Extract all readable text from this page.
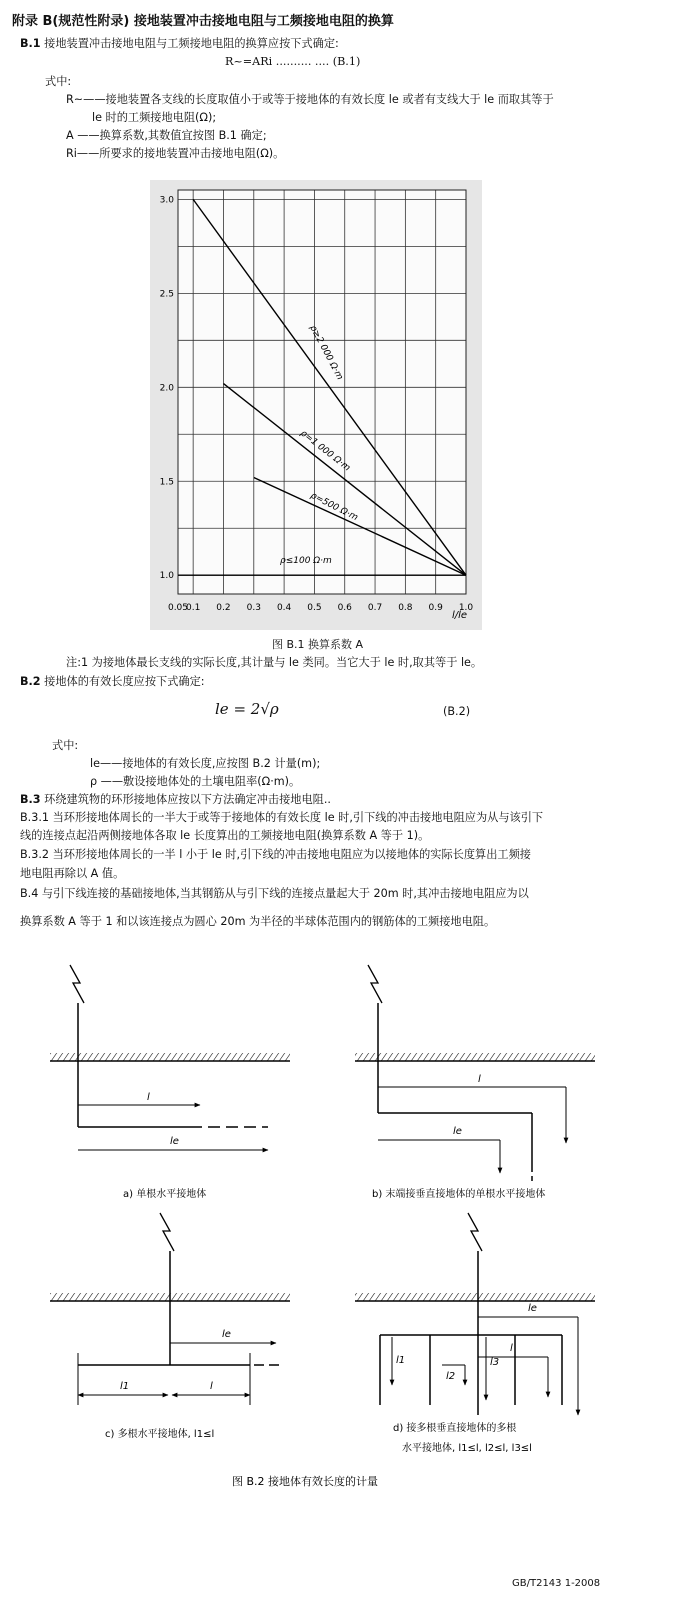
附录 B(规范性附录) 接地装置冲击接地电阻与工频接地电阻的换算
B.1 接地装置冲击接地电阻与工频接地电阻的换算应按下式确定:
R~=ARi .......... .... (B.1)
式中:
R~——接地装置各支线的长度取值小于或等于接地体的有效长度 le 或者有支线大于 le 而取其等于
le 时的工频接地电阻(Ω);
A ——换算系数,其数值宜按图 B.1 确定;
Ri——所要求的接地装置冲击接地电阻(Ω)。
0.05
0.1 0.2 0.3 0.4 0.5 0.6 0.7 0.8 0.9 1.0
1.0
1.5
2.0
2.5
3.0
l/le
ρ≥2 000 Ω·m
ρ=1 000 Ω·m
ρ=500 Ω·m
ρ≤100 Ω·m
图 B.1 换算系数 A
注:1 为接地体最长支线的实际长度,其计量与 le 类同。当它大于 le 时,取其等于 le。
B.2 接地体的有效长度应按下式确定:
le = 2√ρ	(B.2)
式中:
le——接地体的有效长度,应按图 B.2 计量(m);
ρ ——敷设接地体处的土壤电阻率(Ω·m)。
B.3 环绕建筑物的环形接地体应按以下方法确定冲击接地电阻..
B.3.1 当环形接地体周长的一半大于或等于接地体的有效长度 le 时,引下线的冲击接地电阻应为从与该引下
线的连接点起沿两侧接地体各取 le 长度算出的工频接地电阻(换算系数 A 等于 1)。
B.3.2 当环形接地体周长的一半 l 小于 le 时,引下线的冲击接地电阻应为以接地体的实际长度算出工频接
地电阻再除以 A 值。
B.4 与引下线连接的基础接地体,当其钢筋从与引下线的连接点量起大于 20m 时,其冲击接地电阻应为以
换算系数 A 等于 1 和以该连接点为圆心 20m 为半径的半球体范围内的钢筋体的工频接地电阻。
l
le
a) 单根水平接地体
l
le
b) 末端接垂直接地体的单根水平接地体
le
l1	l
c) 多根水平接地体, l1≤l
le
l
l1
l2
l3
d) 接多根垂直接地体的多根
水平接地体, l1≤l, l2≤l, l3≤l
图 B.2 接地体有效长度的计量
GB/T2143 1-2008
